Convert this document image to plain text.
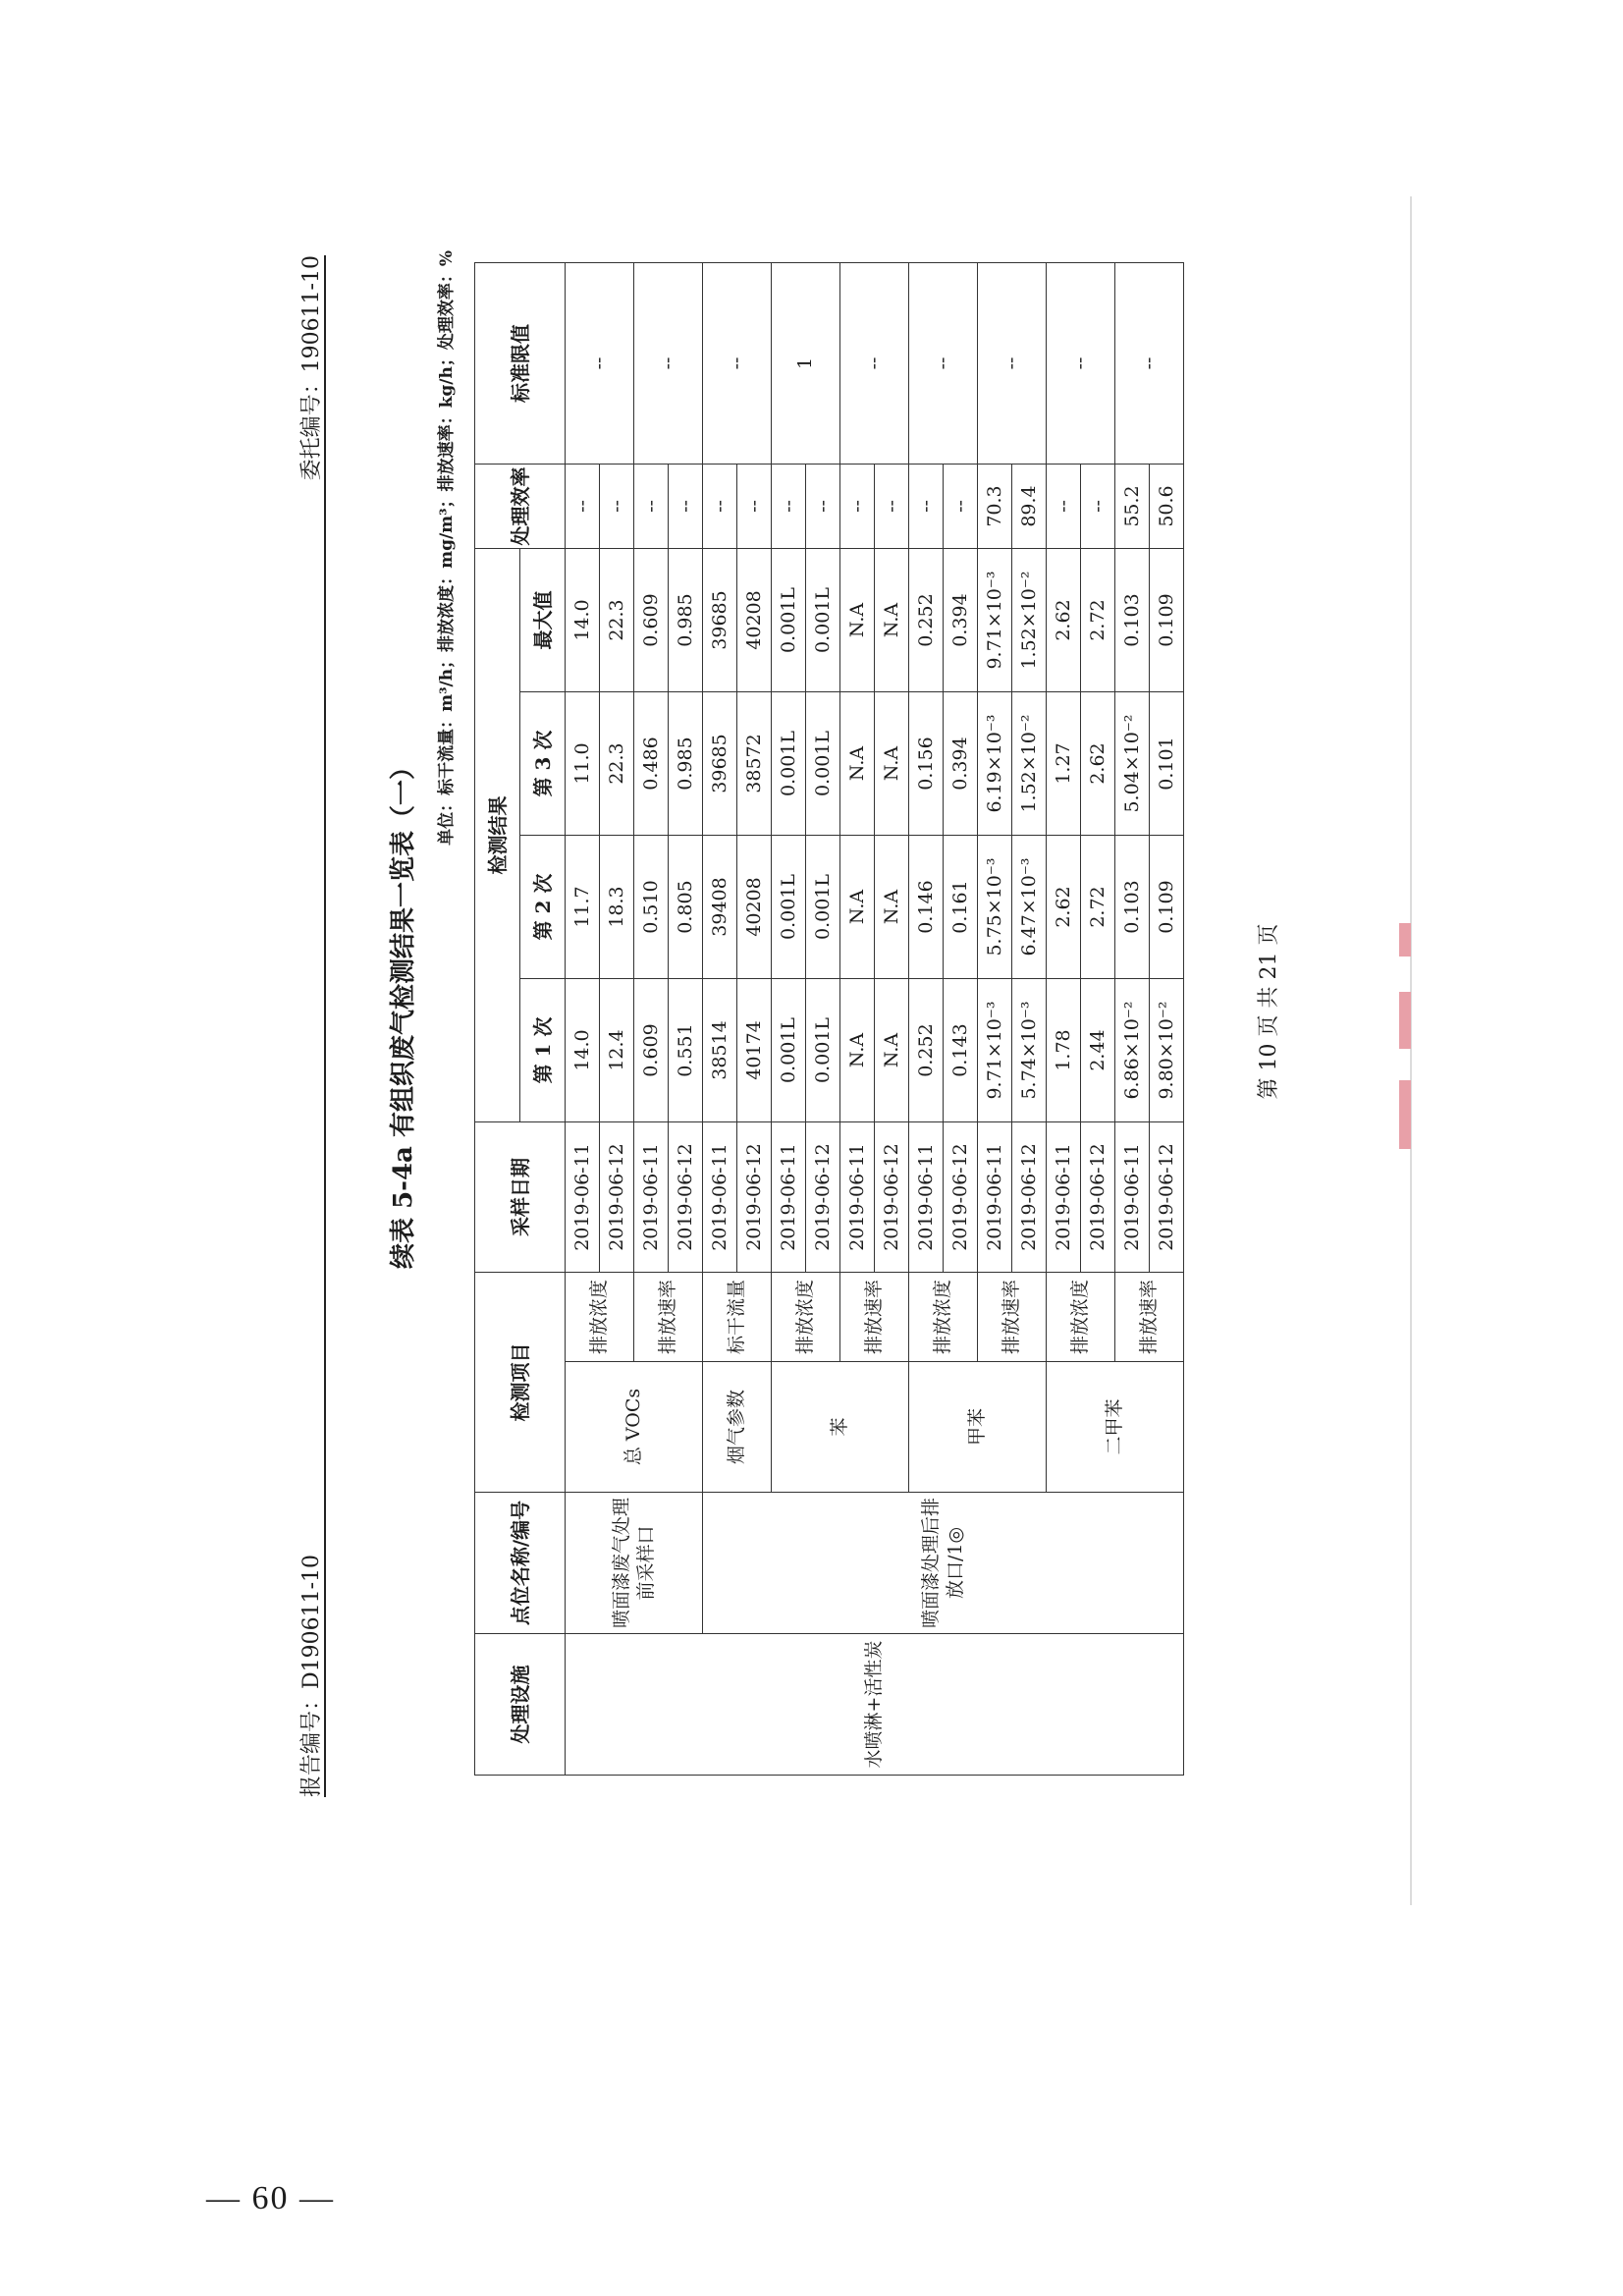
报告编号：D190611-10
委托编号：190611-10
续表 5-4a 有组织废气检测结果一览表（一）
单位：标干流量：m³/h；排放浓度：mg/m³；排放速率：kg/h；处理效率：%
处理设施	点位名称/编号	检测项目		采样日期	检测结果				处理效率	标准限值
					第 1 次	第 2 次	第 3 次	最大值		
水喷淋+活性炭	喷面漆废气处理前采样口	总 VOCs	排放浓度	2019-06-11	14.0	11.7	11.0	14.0	--	--
				2019-06-12	12.4	18.3	22.3	22.3	--	
			排放速率	2019-06-11	0.609	0.510	0.486	0.609	--	--
				2019-06-12	0.551	0.805	0.985	0.985	--	
	喷面漆处理后排放口/1◎	烟气参数	标干流量	2019-06-11	38514	39408	39685	39685	--	--
				2019-06-12	40174	40208	38572	40208	--	
		苯	排放浓度	2019-06-11	0.001L	0.001L	0.001L	0.001L	--	1
				2019-06-12	0.001L	0.001L	0.001L	0.001L	--	
			排放速率	2019-06-11	N.A	N.A	N.A	N.A	--	--
				2019-06-12	N.A	N.A	N.A	N.A	--	
		甲苯	排放浓度	2019-06-11	0.252	0.146	0.156	0.252	--	--
				2019-06-12	0.143	0.161	0.394	0.394	--	
			排放速率	2019-06-11	9.71×10⁻³	5.75×10⁻³	6.19×10⁻³	9.71×10⁻³	70.3	--
				2019-06-12	5.74×10⁻³	6.47×10⁻³	1.52×10⁻²	1.52×10⁻²	89.4	
		二甲苯	排放浓度	2019-06-11	1.78	2.62	1.27	2.62	--	--
				2019-06-12	2.44	2.72	2.62	2.72	--	
			排放速率	2019-06-11	6.86×10⁻²	0.103	5.04×10⁻²	0.103	55.2	--
				2019-06-12	9.80×10⁻²	0.109	0.101	0.109	50.6	
第 10 页 共 21 页
— 60 —
